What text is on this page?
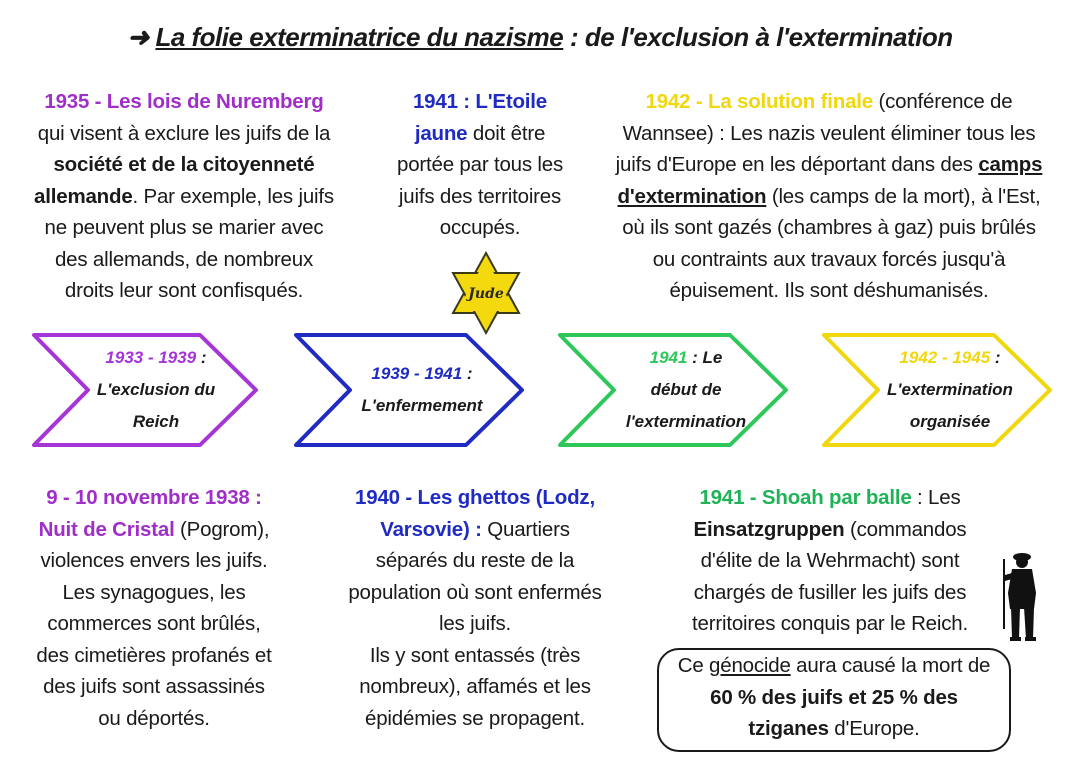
➜ La folie exterminatrice du nazisme : de l'exclusion à l'extermination
1935 - Les lois de Nuremberg
qui visent à exclure les juifs de la
société et de la citoyenneté
allemande. Par exemple, les juifs
ne peuvent plus se marier avec
des allemands, de nombreux
droits leur sont confisqués.
1941 : L'Etoile
jaune doit être
portée par tous les
juifs des territoires
occupés.
Jude
1942 - La solution finale (conférence de
Wannsee) : Les nazis veulent éliminer tous les
juifs d'Europe en les déportant dans des camps
d'extermination (les camps de la mort), à l'Est,
où ils sont gazés (chambres à gaz) puis brûlés
ou contraints aux travaux forcés jusqu'à
épuisement. Ils sont déshumanisés.
1933 - 1939 :
L'exclusion du
Reich
1939 - 1941 :
L'enfermement
1941 : Le
début de
l'extermination
1942 - 1945 :
L'extermination
organisée
9 - 10 novembre 1938 :
Nuit de Cristal (Pogrom),
violences envers les juifs.
Les synagogues, les
commerces sont brûlés,
des cimetières profanés et
des juifs sont assassinés
ou déportés.
1940 - Les ghettos (Lodz,
Varsovie) : Quartiers
séparés du reste de la
population où sont enfermés
les juifs.
Ils y sont entassés (très
nombreux), affamés et les
épidémies se propagent.
1941 - Shoah par balle : Les
Einsatzgruppen (commandos
d'élite de la Wehrmacht) sont
chargés de fusiller les juifs des
territoires conquis par le Reich.
Ce génocide aura causé la mort de
60 % des juifs et 25 % des
tziganes d'Europe.
